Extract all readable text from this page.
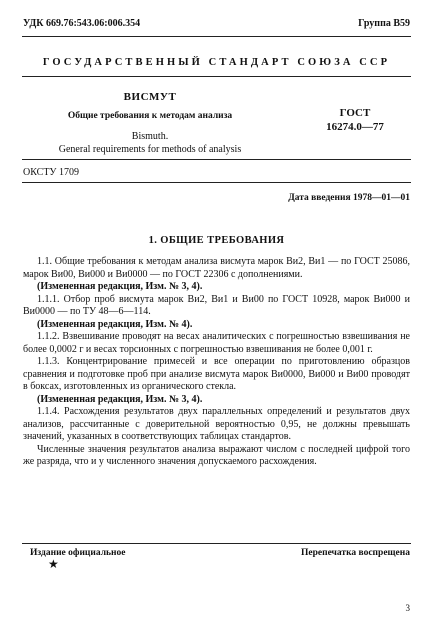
УДК 669.76:543.06:006.354	Группа В59
ГОСУДАРСТВЕННЫЙ СТАНДАРТ СОЮЗА ССР
ВИСМУТ
Общие требования к методам анализа	ГОСТ
16274.0—77
Bismuth.
General requirements for methods of analysis
ОКСТУ 1709
Дата введения 1978—01—01
1. ОБЩИЕ ТРЕБОВАНИЯ

1.1. Общие требования к методам анализа висмута марок Ви2, Ви1 — по ГОСТ 25086, марок Ви00, Ви000 и Ви0000 — по ГОСТ 22306 с дополнениями.

(Измененная редакция, Изм. № 3, 4).

1.1.1. Отбор проб висмута марок Ви2, Ви1 и Ви00 по ГОСТ 10928, марок Ви000 и Ви0000 — по ТУ 48—6—114.

(Измененная редакция, Изм. № 4).

1.1.2. Взвешивание проводят на весах аналитических с погрешностью взвешивания не более 0,0002 г и весах торсионных с погрешностью взвешивания не более 0,001 г.

1.1.3. Концентрирование примесей и все операции по приготовлению образцов сравнения и подготовке проб при анализе висмута марок Ви0000, Ви000 и Ви00 проводят в боксах, изготовленных из органического стекла.

(Измененная редакция, Изм. № 3, 4).

1.1.4. Расхождения результатов двух параллельных определений и результатов двух анализов, рассчитанные с доверительной вероятностью 0,95, не должны превышать значений, указанных в соответствующих таблицах стандартов.

Численные значения результатов анализа выражают числом с последней цифрой того же разряда, что и у численного значения допускаемого расхождения.

Издание официальное
★
Перепечатка воспрещена
3
